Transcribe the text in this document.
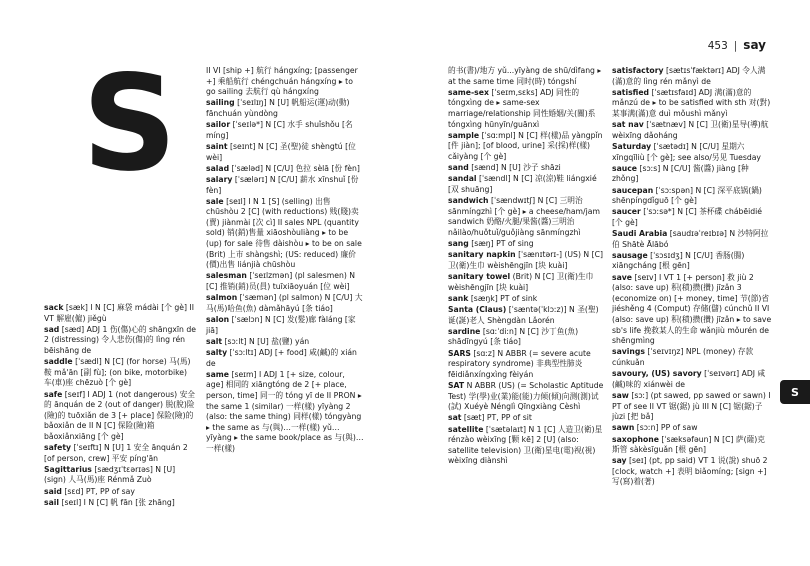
453 | say
S

sack [sæk] I N [C] 麻袋 mádài [个 gè] II VT 解雇(僱) jiěgù

sad [sæd] ADJ 1 伤(傷)心的 shāngxīn de 2 (distressing) 令人悲伤(傷)的 lìng rén bēishāng de

saddle [ˈsædl] N [C] (for horse) 马(馬)鞍 mǎ'ān [副 fù]; (on bike, motorbike) 车(車)座 chēzuò [个 gè]

safe [seɪf] I ADJ 1 (not dangerous) 安全的 ānquán de 2 (out of danger) 脱(脫)险(險)的 tuōxiǎn de 3 [+ place] 保险(險)的 bǎoxiǎn de II N [C] 保险(險)箱 bǎoxiǎnxiāng [个 gè]

safety [ˈseɪftɪ] N [U] 1 安全 ānquán 2 [of person, crew] 平安 píng'ān

Sagittarius [sædʒɪˈtɛərɪəs] N [U] (sign) 人马(馬)座 Rénmǎ Zuò

said [sɛd] PT, PP of say

sail [seɪl] I N [C] 帆 fān [张 zhāng]

II VI [ship +] 航行 hángxíng; [passenger +] 乘船航行 chéngchuán hángxíng ▸ to go sailing 去航行 qù hángxíng

sailing [ˈseɪlɪŋ] N [U] 帆船运(運)动(動) fānchuán yùndòng

sailor [ˈseɪlə*] N [C] 水手 shuǐshǒu [名 míng]

saint [seɪnt] N [C] 圣(聖)徒 shèngtú [位 wèi]

salad [ˈsæləd] N [C/U] 色拉 sèlā [份 fèn]

salary [ˈsælərɪ] N [C/U] 薪水 xīnshuǐ [份 fèn]

sale [seɪl] I N 1 [S] (selling) 出售 chūshòu 2 [C] (with reductions) 贱(賤)卖(賣) jiànmài [次 cì] II sales NPL (quantity sold) 销(銷)售量 xiāoshòuliàng ▸ to be (up) for sale 待售 dàishòu ▸ to be on sale (Brit) 上市 shàngshì; (US: reduced) 廉价(價)出售 liánjià chūshòu

salesman [ˈseɪlzmən] (pl salesmen) N [C] 推销(銷)员(員) tuīxiāoyuán [位 wèi]

salmon [ˈsæmən] (pl salmon) N [C/U] 大马(馬)哈鱼(魚) dàmǎhāyú [条 tiáo]

salon [ˈsælɔn] N [C] 发(髮)廊 fàláng [家 jiā]

salt [sɔːlt] N [U] 盐(鹽) yán

salty [ˈsɔːltɪ] ADJ [+ food] 咸(鹹)的 xián de

same [seɪm] I ADJ 1 [+ size, colour, age] 相同的 xiāngtóng de 2 [+ place, person, time] 同一的 tóng yī de II PRON ▸ the same 1 (similar) 一样(樣) yīyàng 2 (also: the same thing) 同样(樣) tóngyàng ▸ the same as 与(與)…一样(樣) yǔ…yīyàng ▸ the same book/place as 与(與)…一样(樣)

的书(書)/地方 yǔ...yīyàng de shū/dìfang ▸ at the same time 同时(時) tóngshí

same-sex [ˈseɪm,sɛks] ADJ 同性的 tóngxìng de ▸ same-sex marriage/relationship 同性婚姻/关(關)系 tóngxìng hūnyīn/guānxì

sample [ˈsɑːmpl] N [C] 样(樣)品 yàngpǐn [件 jiàn]; [of blood, urine] 采(採)样(樣) cǎiyàng [个 gè]

sand [sænd] N [U] 沙子 shāzi

sandal [ˈsændl] N [C] 凉(涼)鞋 liángxié [双 shuāng]

sandwich [ˈsændwɪtʃ] N [C] 三明治 sānmíngzhì [个 gè] ▸ a cheese/ham/jam sandwich 奶酪/火腿/果酱(醬)三明治 nǎilào/huǒtuǐ/guǒjiàng sānmíngzhì

sang [sæŋ] PT of sing

sanitary napkin [ˈsænɪtərɪ-] (US) N [C] 卫(衛)生巾 wèishēngjīn [块 kuài]

sanitary towel (Brit) N [C] 卫(衛)生巾 wèishēngjīn [块 kuài]

sank [sæŋk] PT of sink

Santa (Claus) [ˈsæntə(ˈklɔːz)] N 圣(聖)诞(誕)老人 Shèngdàn Lǎorén

sardine [sɑːˈdiːn] N [C] 沙丁鱼(魚) shādīngyú [条 tiáo]

SARS [sɑːz] N ABBR (= severe acute respiratory syndrome) 非典型性肺炎 fēidiǎnxíngxìng fèiyán

SAT N ABBR (US) (= Scholastic Aptitude Test) 学(學)业(業)能(能)力倾(傾)向测(測)试(試) Xuéyè Nénglì Qīngxiàng Cèshì

sat [sæt] PT, PP of sit

satellite [ˈsætəlaɪt] N 1 [C] 人造卫(衛)星 rénzào wèixīng [颗 kē] 2 [U] (also: satellite television) 卫(衛)星电(電)视(視) wèixīng diànshì

satisfactory [sætɪsˈfæktərɪ] ADJ 令人满(滿)意的 lìng rén mǎnyì de

satisfied [ˈsætɪsfaɪd] ADJ 满(滿)意的 mǎnzú de ▸ to be satisfied with sth 对(對)某事满(滿)意 duì mǒushì mǎnyì

sat nav [ˈsætnæv] N [C] 卫(衛)星导(導)航 wèixīng dǎoháng

Saturday [ˈsætədɪ] N [C/U] 星期六 xīngqīliù [个 gè]; see also/另见 Tuesday

sauce [sɔːs] N [C/U] 酱(醬) jiàng [种 zhǒng]

saucepan [ˈsɔːspən] N [C] 深平底锅(鍋) shēnpíngdǐguō [个 gè]

saucer [ˈsɔːsə*] N [C] 茶杯碟 chábēidié [个 gè]

Saudi Arabia [saudɪəˈreɪbɪə] N 沙特阿拉伯 Shātè Ālābó

sausage [ˈsɔsɪdʒ] N [C/U] 香肠(腸) xiāngcháng [根 gēn]

save [seɪv] I VT 1 [+ person] 救 jiù 2 (also: save up) 积(積)攒(攢) jīzǎn 3 (economize on) [+ money, time] 节(節)省 jiéshěng 4 (Comput) 存储(儲) cúnchǔ II VI (also: save up) 积(積)攒(攢) jīzǎn ▸ to save sb's life 挽救某人的生命 wǎnjiù mǒurén de shēngmìng

savings [ˈseɪvɪŋz] NPL (money) 存款 cúnkuǎn

savoury, (US) savory [ˈseɪvərɪ] ADJ 咸(鹹)味的 xiánwèi de

saw [sɔː] (pt sawed, pp sawed or sawn) I PT of see II VT 锯(鋸) jù III N [C] 锯(鋸)子 jùzi [把 bǎ]

sawn [sɔːn] PP of saw

saxophone [ˈsæksəfəun] N [C] 萨(薩)克斯管 sàkèsīguǎn [根 gēn]

say [seɪ] (pt, pp said) VT 1 说(說) shuō 2 [clock, watch +] 表明 biǎomíng; [sign +] 写(寫)着(著)

S
